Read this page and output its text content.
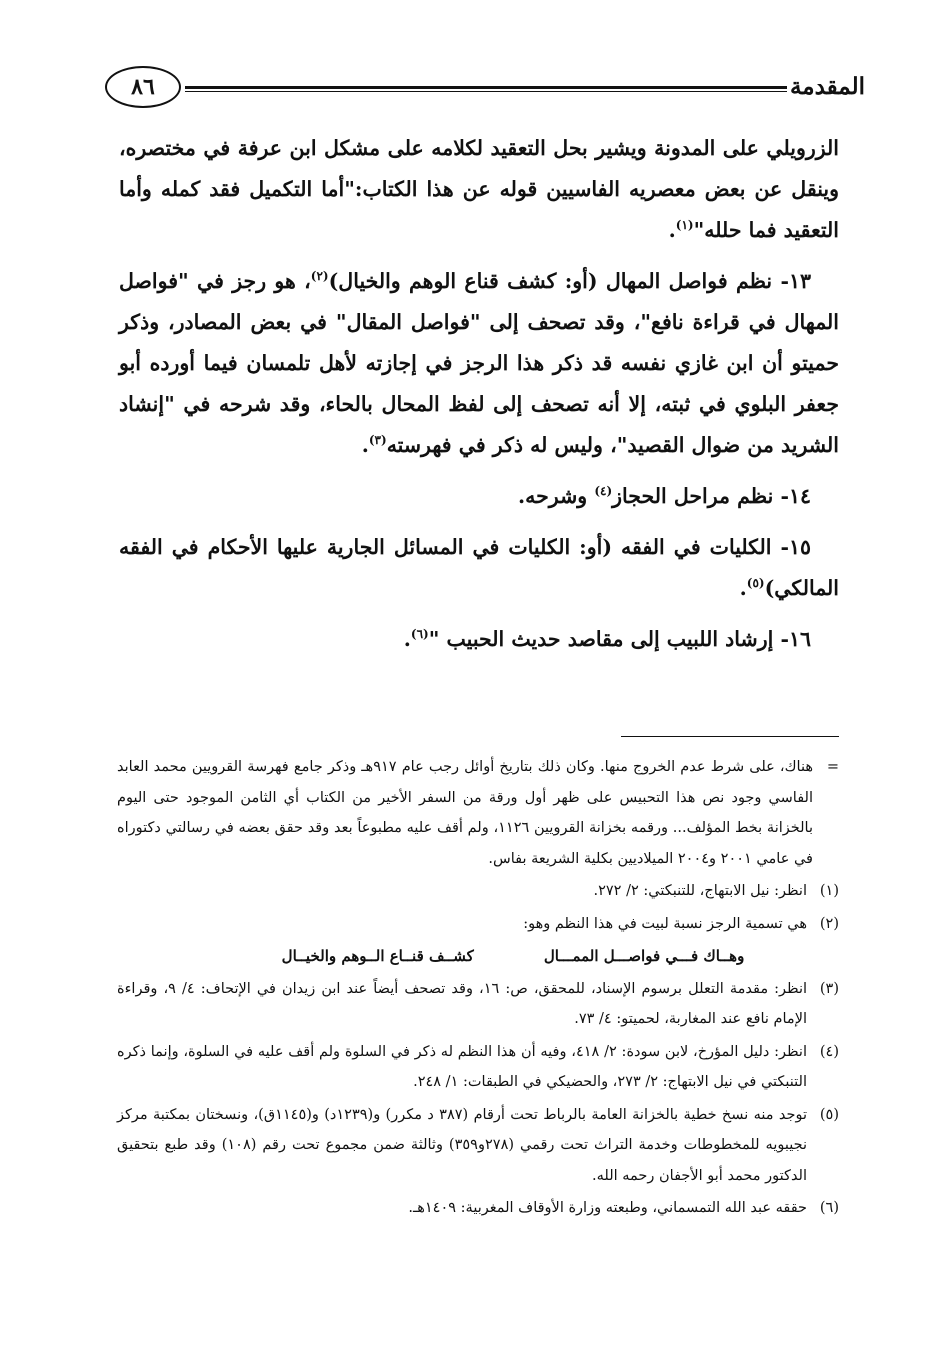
المقدمة
٨٦

الزرويلي على المدونة ويشير بحل التعقيد لكلامه على مشكل ابن عرفة في مختصره، وينقل عن بعض معصريه الفاسيين قوله عن هذا الكتاب:"أما التكميل فقد كمله وأما التعقيد فما حلله"$^{(١)}$.

١٣- نظم فواصل المهال (أو: كشف قناع الوهم والخيال)$^{(٢)}$، هو رجز في "فواصل المهال في قراءة نافع"، وقد تصحف إلى "فواصل المقال" في بعض المصادر، وذكر حميتو أن ابن غازي نفسه قد ذكر هذا الرجز في إجازته لأهل تلمسان فيما أورده أبو جعفر البلوي في ثبته، إلا أنه تصحف إلى لفظ المحال بالحاء، وقد شرحه في "إنشاد الشريد من ضوال القصيد"، وليس له ذكر في فهرسته$^{(٣)}$.

١٤- نظم مراحل الحجاز$^{(٤)}$ وشرحه.

١٥- الكليات في الفقه (أو: الكليات في المسائل الجارية عليها الأحكام في الفقه المالكي)$^{(٥)}$.

١٦- إرشاد اللبيب إلى مقاصد حديث الحبيب "$^{(٦)}$.

=
هناك، على شرط عدم الخروج منها. وكان ذلك بتاريخ أوائل رجب عام ٩١٧هـ وذكر جامع فهرسة القرويين محمد العابد الفاسي وجود نص هذا التحبيس على ظهر أول ورقة من السفر الأخير من الكتاب أي الثامن الموجود حتى اليوم بالخزانة بخط المؤلف... ورقمه بخزانة القرويين ١١٢٦، ولم أقف عليه مطبوعاً بعد وقد حقق بعضه في رسالتي دكتوراه في عامي ٢٠٠١ و٢٠٠٤ الميلاديين بكلية الشريعة بفاس.
(١)
انظر: نيل الابتهاج، للتنبكتي: ٢/ ٢٧٢.
(٢)
هي تسمية الرجز نسبة لبيت في هذا النظم وهو:
وهــاك فـــي فواصـــل الممـــال
كشــف قنــاع الــوهم والخيــال
(٣)
انظر: مقدمة التعلل برسوم الإسناد، للمحقق، ص: ١٦، وقد تصحف أيضاً عند ابن زيدان في الإتحاف: ٤/ ٩، وقراءة الإمام نافع عند المغاربة، لحميتو: ٤/ ٧٣.
(٤)
انظر: دليل المؤرخ، لابن سودة: ٢/ ٤١٨، وفيه أن هذا النظم له ذكر في السلوة ولم أقف عليه في السلوة، وإنما ذكره التنبكتي في نيل الابتهاج: ٢/ ٢٧٣، والحضيكي في الطبقات: ١/ ٢٤٨.
(٥)
توجد منه نسخ خطية بالخزانة العامة بالرباط تحت أرقام (٣٨٧ د مكرر) و(١٢٣٩د) و(١١٤٥ق)، ونسختان بمكتبة مركز نجيبويه للمخطوطات وخدمة التراث تحت رقمي (٢٧٨و٣٥٩) وثالثة ضمن مجموع تحت رقم (١٠٨) وقد طبع بتحقيق الدكتور محمد أبو الأجفان رحمه الله.
(٦)
حققه عبد الله التمسماني، وطبعته وزارة الأوقاف المغربية: ١٤٠٩هـ.
